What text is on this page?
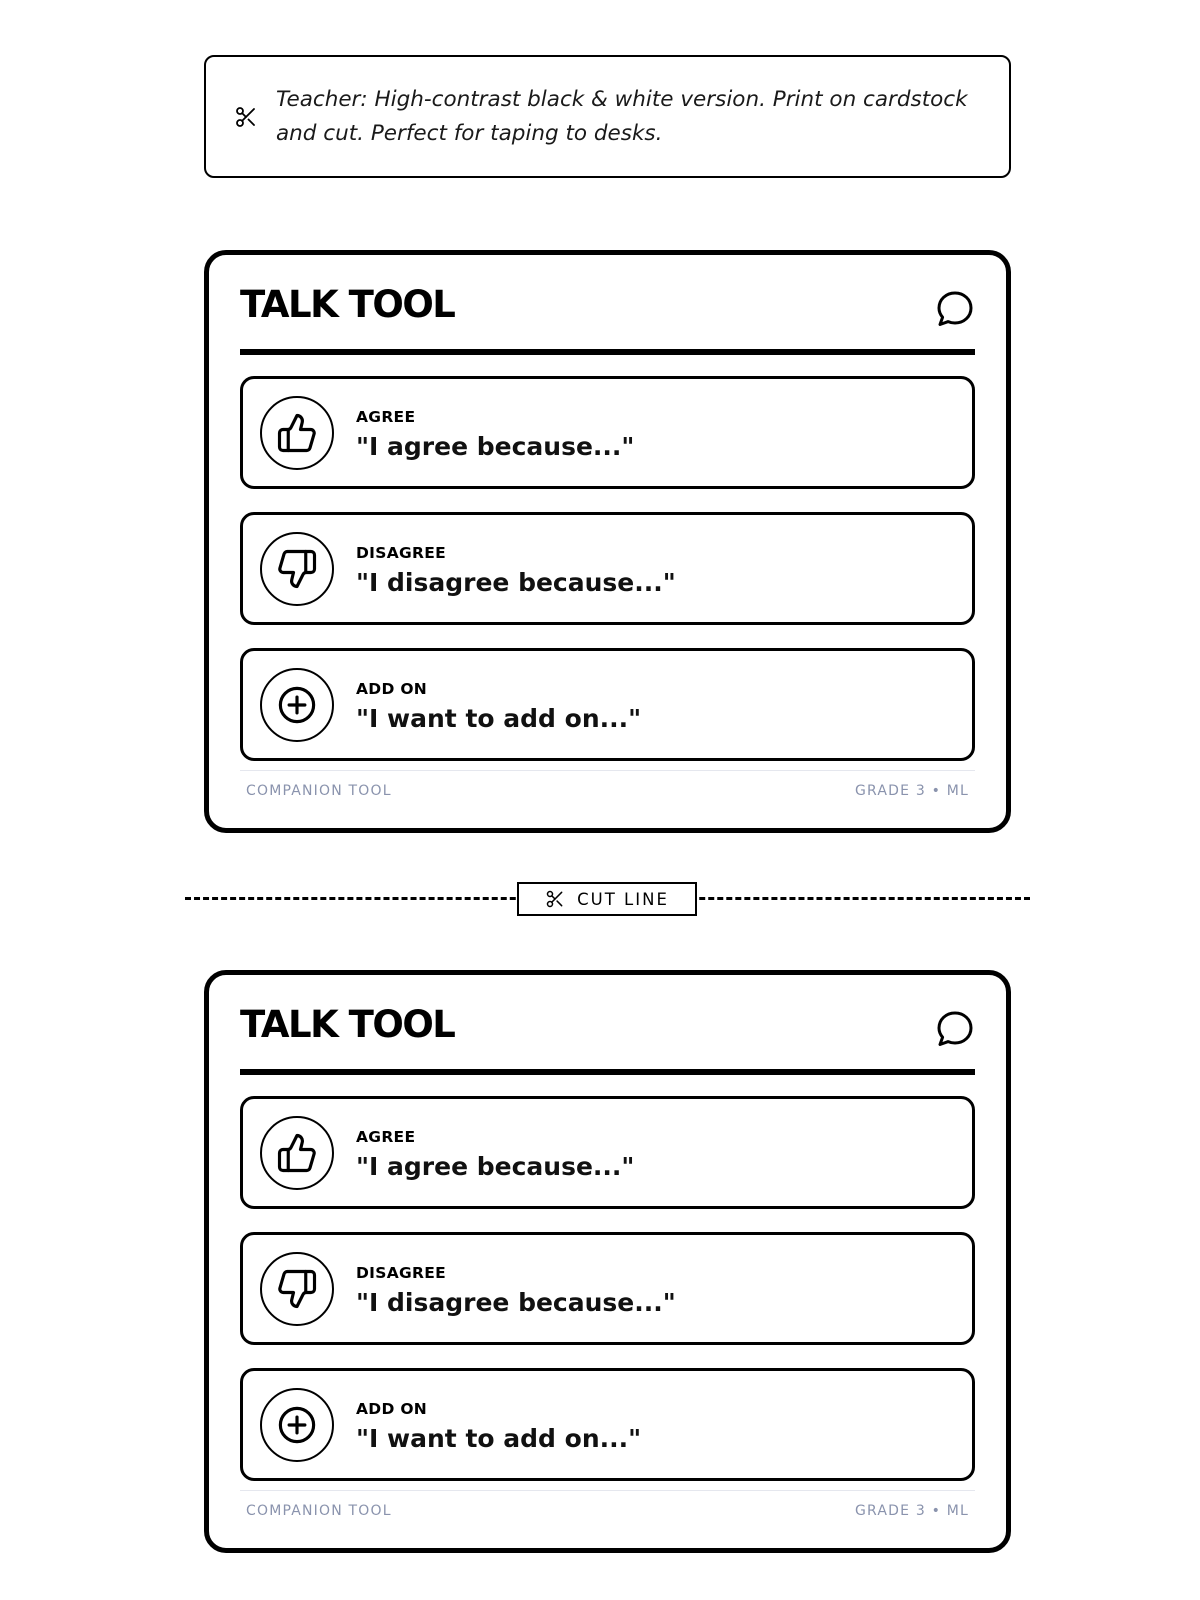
Teacher: High-contrast black & white version. Print on cardstock and cut. Perfect for taping to desks.
TALK TOOL
AGREE
"I agree because..."
DISAGREE
"I disagree because..."
ADD ON
"I want to add on..."
COMPANION TOOL	GRADE 3 • ML
CUT LINE
TALK TOOL
AGREE
"I agree because..."
DISAGREE
"I disagree because..."
ADD ON
"I want to add on..."
COMPANION TOOL	GRADE 3 • ML
